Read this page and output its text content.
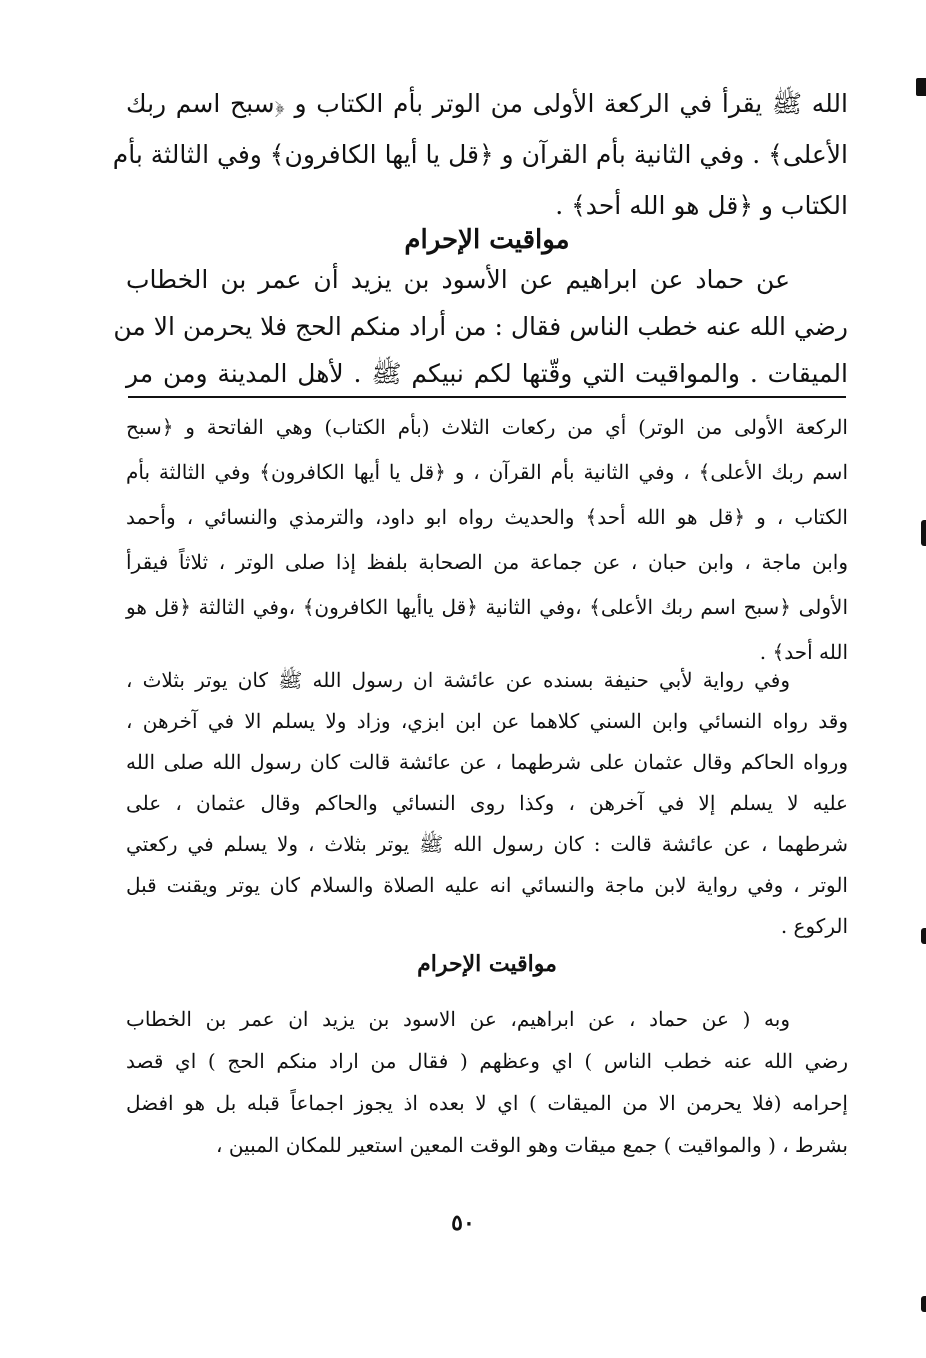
الله ﷺ يقرأ في الركعة الأولى من الوتر بأم الكتاب و ﴿سبح اسم ربك
الأعلى﴾ . وفي الثانية بأم القرآن و ﴿قل يا أيها الكافرون﴾ وفي الثالثة بأم
الكتاب و ﴿قل هو الله أحد﴾ .
مواقيت الإحرام
عن حماد عن ابراهيم عن الأسود بن يزيد أن عمر بن الخطاب
رضي الله عنه خطب الناس فقال : من أراد منكم الحج فلا يحرمن الا من
الميقات . والمواقيت التي وقّتها لكم نبيكم ﷺ . لأهل المدينة ومن مر
الركعة الأولى من الوتر) أي من ركعات الثلاث (بأم الكتاب) وهي الفاتحة و ﴿سبح
اسم ربك الأعلى﴾ ، وفي الثانية بأم القرآن ، و ﴿قل يا أيها الكافرون﴾ وفي الثالثة بأم
الكتاب ، و ﴿قل هو الله أحد﴾ والحديث رواه ابو داود، والترمذي والنسائي ، وأحمد
وابن ماجة ، وابن حبان ، عن جماعة من الصحابة بلفظ إذا صلى الوتر ، ثلاثاً فيقرأ
الأولى ﴿سبح اسم ربك الأعلى﴾ ،وفي الثانية ﴿قل ياأيها الكافرون﴾ ،وفي الثالثة ﴿قل هو
الله أحد﴾ .
وفي رواية لأبي حنيفة بسنده عن عائشة ان رسول الله ﷺ كان يوتر بثلاث ،
وقد رواه النسائي وابن السني كلاهما عن ابن ابزي، وزاد ولا يسلم الا في آخرهن ،
ورواه الحاكم وقال عثمان على شرطهما ، عن عائشة قالت كان رسول الله صلى الله
عليه لا يسلم إلا في آخرهن ، وكذا روى النسائي والحاكم وقال عثمان ، على
شرطهما ، عن عائشة قالت : كان رسول الله ﷺ يوتر بثلاث ، ولا يسلم في ركعتي
الوتر ، وفي رواية لابن ماجة والنسائي انه عليه الصلاة والسلام كان يوتر ويقنت قبل
الركوع .
مواقيت الإحرام
وبه ( عن حماد ، عن ابراهيم، عن الاسود بن يزيد ان عمر بن الخطاب
رضي الله عنه خطب الناس ) اي وعظهم ( فقال من اراد منكم الحج ) اي قصد
إحرامه (فلا يحرمن الا من الميقات ) اي لا بعده اذ يجوز اجماعاً قبله بل هو افضل
بشرط ، ( والمواقيت ) جمع ميقات وهو الوقت المعين استعير للمكان المبين ،
٥٠
